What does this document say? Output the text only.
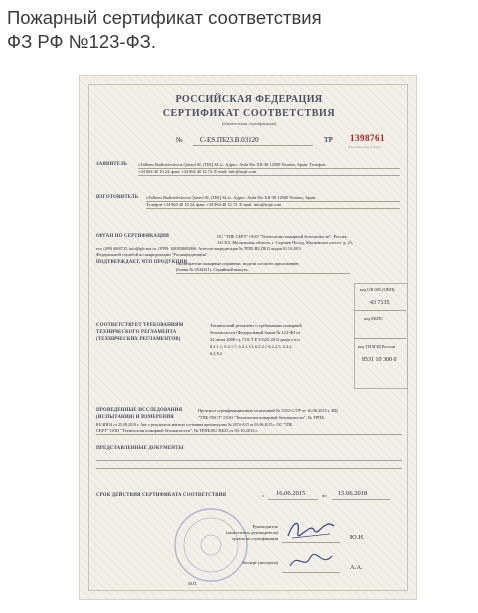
Пожарный сертификат соответствия
ФЗ РФ №123-ФЗ.
РОССИЙСКАЯ ФЕДЕРАЦИЯ
СЕРТИФИКАТ СООТВЕТСТВИЯ
(обязательная сертификация)
№ С-ES.ПБ23.В.03120	ТР 1398761
(учетный номер бланка)
ЗАЯВИТЕЛЬ «Talleres Radioelectricos Querol SL (TRQ SL)». Адрес: Avda Pio XII-38 12500 Vinaros, Spain. Телефон
+34 964 40 10 24, факс +34 964 40 12 72. E-mail: info@trqsl.com
ИЗГОТОВИТЕЛЬ «Talleres Radioelectricos Querol SL (TRQ SL)». Адрес: Avda Pio XII-38 12500 Vinaros, Spain.
Телефон +34 964 40 10 24, факс +34 964 40 12 72. E-mail: info@trqsl.com
ОРГАН ПО СЕРТИФИКАЦИИ	ОС "ТПБ СЕРТ" ООО "Технологии пожарной безопасности". Россия,
141315, Московская область, г. Сергиев Посад, Московское шоссе, д. 25,
тел. (499) 4000725, info@tpb-sert.ru. ОГРН: 1085038002906. Аттестат аккредитации № ТРПБ.RU.ПБ23 выдан 03.10.2013
Федеральной службой по аккредитации "Росаккредитация".
ПОДТВЕРЖДАЕТ, ЧТО ПРОДУКЦИЯ
Оповещатели пожарные охранные, модели согласно приложению
(бланк № 0534411). Серийный выпуск.
код ОК 005 (ОКП):
43 7135
код ЕКПС
код ТН ВЭД России
8531 10 300 0
СООТВЕТСТВУЕТ ТРЕБОВАНИЯМ
ТЕХНИЧЕСКОГО РЕГЛАМЕНТА
(ТЕХНИЧЕСКИХ РЕГЛАМЕНТОВ)
Технический регламент о требованиях пожарной
безопасности (Федеральный Закон № 123-ФЗ от
22 июля 2008 г.), ГОСТ Р 53325-2012 раздел п.п.
6.2.1.1, 6.2.1.7, 6.2.1.13, 6.2.2.1-6.2.2.5, 6.2.2.
6.2.9.2
ПРОВЕДЕННЫЕ ИССЛЕДОВАНИЯ
(ИСПЫТАНИЯ) И ИЗМЕРЕНИЯ
Протокол сертификационных испытаний № 3352-С/ТР от 16.06.2015 г. ИЦ
"ТПБ-ТЕСТ" ООО "Технологии пожарной безопасности", № ТРПБ.
RU.ИН14 от 25.08.2010 г. Акт о результатах анализа состояния производства № 2074-А/Л от 03.06.2015 г. ОС "ТПБ
СЕРТ" ООО "Технологии пожарной безопасности", № ТРПБ.RU.ПБ23 от 03.10.2013 г.
ПРЕДСТАВЛЕННЫЕ ДОКУМЕНТЫ
СРОК ДЕЙСТВИЯ СЕРТИФИКАТА СООТВЕТСТВИЯ	с 16.06.2015	по 15.06.2018
М.П.
Руководитель
(заместитель руководителя)
органа по сертификации	Ю.Н.
Эксперт (эксперты)
А.А.
